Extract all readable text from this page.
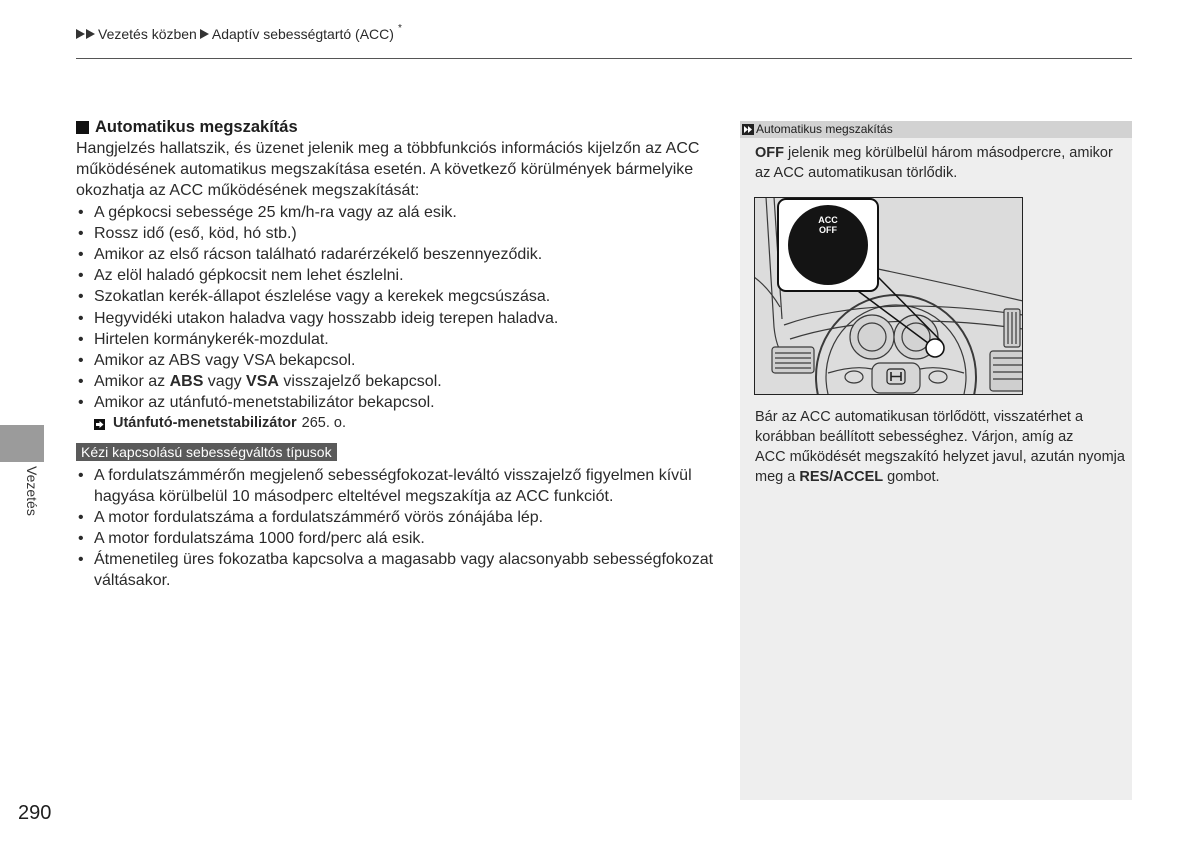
Vezetés közben Adaptív sebességtartó (ACC) *
Automatikus megszakítás
Hangjelzés hallatszik, és üzenet jelenik meg a többfunkciós információs kijelzőn az ACC
működésének automatikus megszakítása esetén. A következő körülmények bármelyike
okozhatja az ACC működésének megszakítását:
• A gépkocsi sebessége 25 km/h-ra vagy az alá esik.
• Rossz idő (eső, köd, hó stb.)
• Amikor az első rácson található radarérzékelő beszennyeződik.
• Az elöl haladó gépkocsit nem lehet észlelni.
• Szokatlan kerék-állapot észlelése vagy a kerekek megcsúszása.
• Hegyvidéki utakon haladva vagy hosszabb ideig terepen haladva.
• Hirtelen kormánykerék-mozdulat.
• Amikor az ABS vagy VSA bekapcsol.
• Amikor az ABS vagy VSA visszajelző bekapcsol.
• Amikor az utánfutó-menetstabilizátor bekapcsol.
Utánfutó-menetstabilizátor 265. o.
Kézi kapcsolású sebességváltós típusok
• A fordulatszámmérőn megjelenő sebességfokozat-leváltó visszajelző figyelmen kívül
hagyása körülbelül 10 másodperc elteltével megszakítja az ACC funkciót.
• A motor fordulatszáma a fordulatszámmérő vörös zónájába lép.
• A motor fordulatszáma 1000 ford/perc alá esik.
• Átmenetileg üres fokozatba kapcsolva a magasabb vagy alacsonyabb sebességfokozat
váltásakor.
Vezetés
290
Automatikus megszakítás
OFF jelenik meg körülbelül három másodpercre, amikor
az ACC automatikusan törlődik.
ACC
OFF
Bár az ACC automatikusan törlődött, visszatérhet a
korábban beállított sebességhez. Várjon, amíg az
ACC működését megszakító helyzet javul, azután nyomja
meg a RES/ACCEL gombot.
